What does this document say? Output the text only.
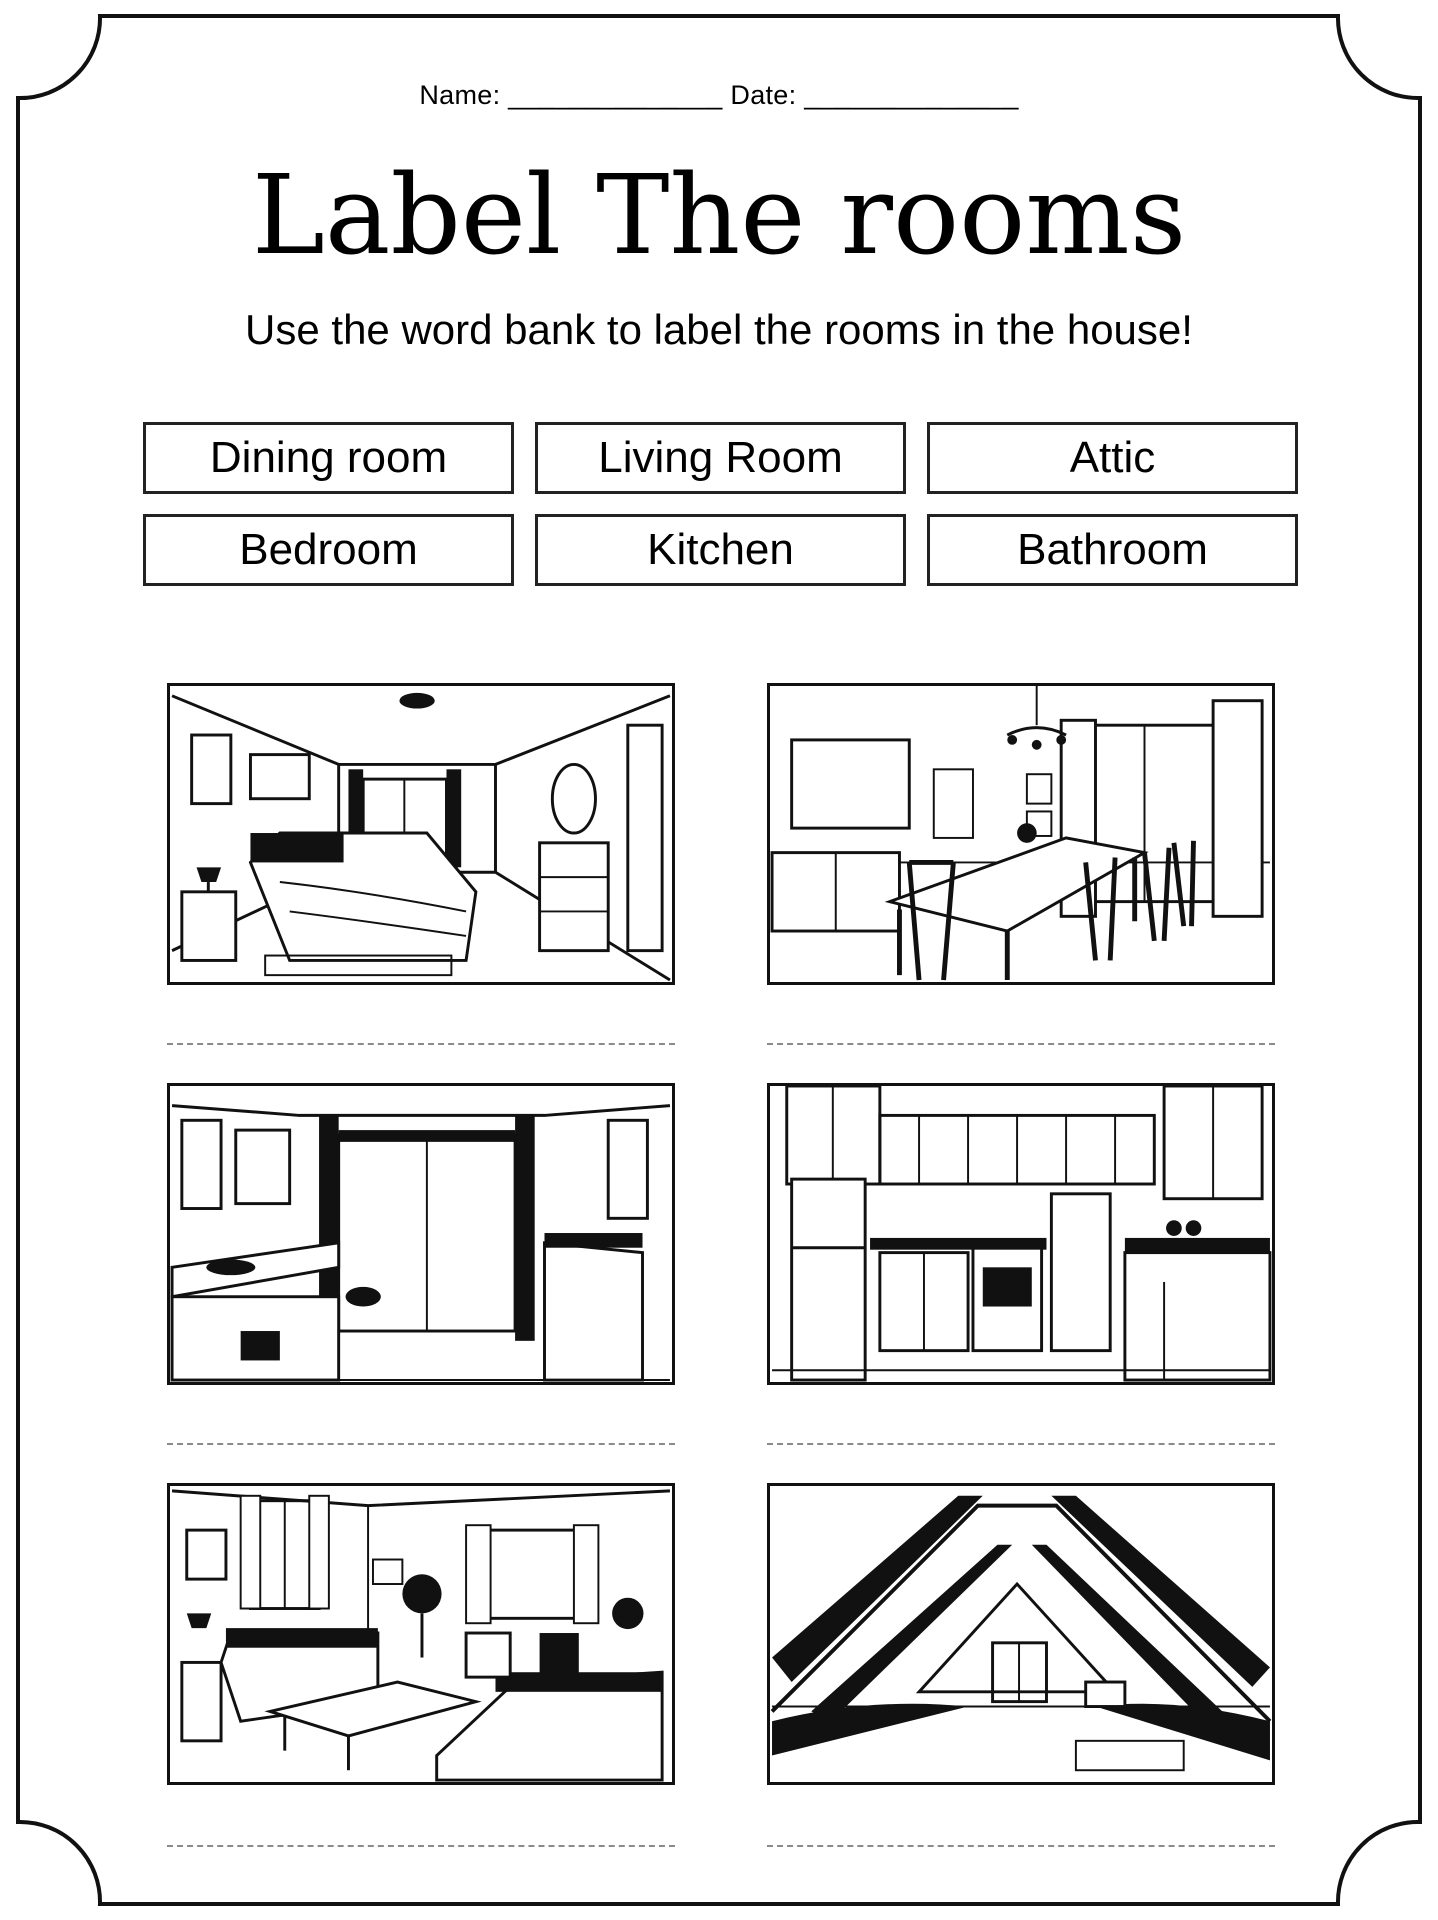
Name: ______________ Date: ______________
Label The rooms
Use the word bank to label the rooms in the house!
Dining room	Living Room	Attic
Bedroom	Kitchen	Bathroom
